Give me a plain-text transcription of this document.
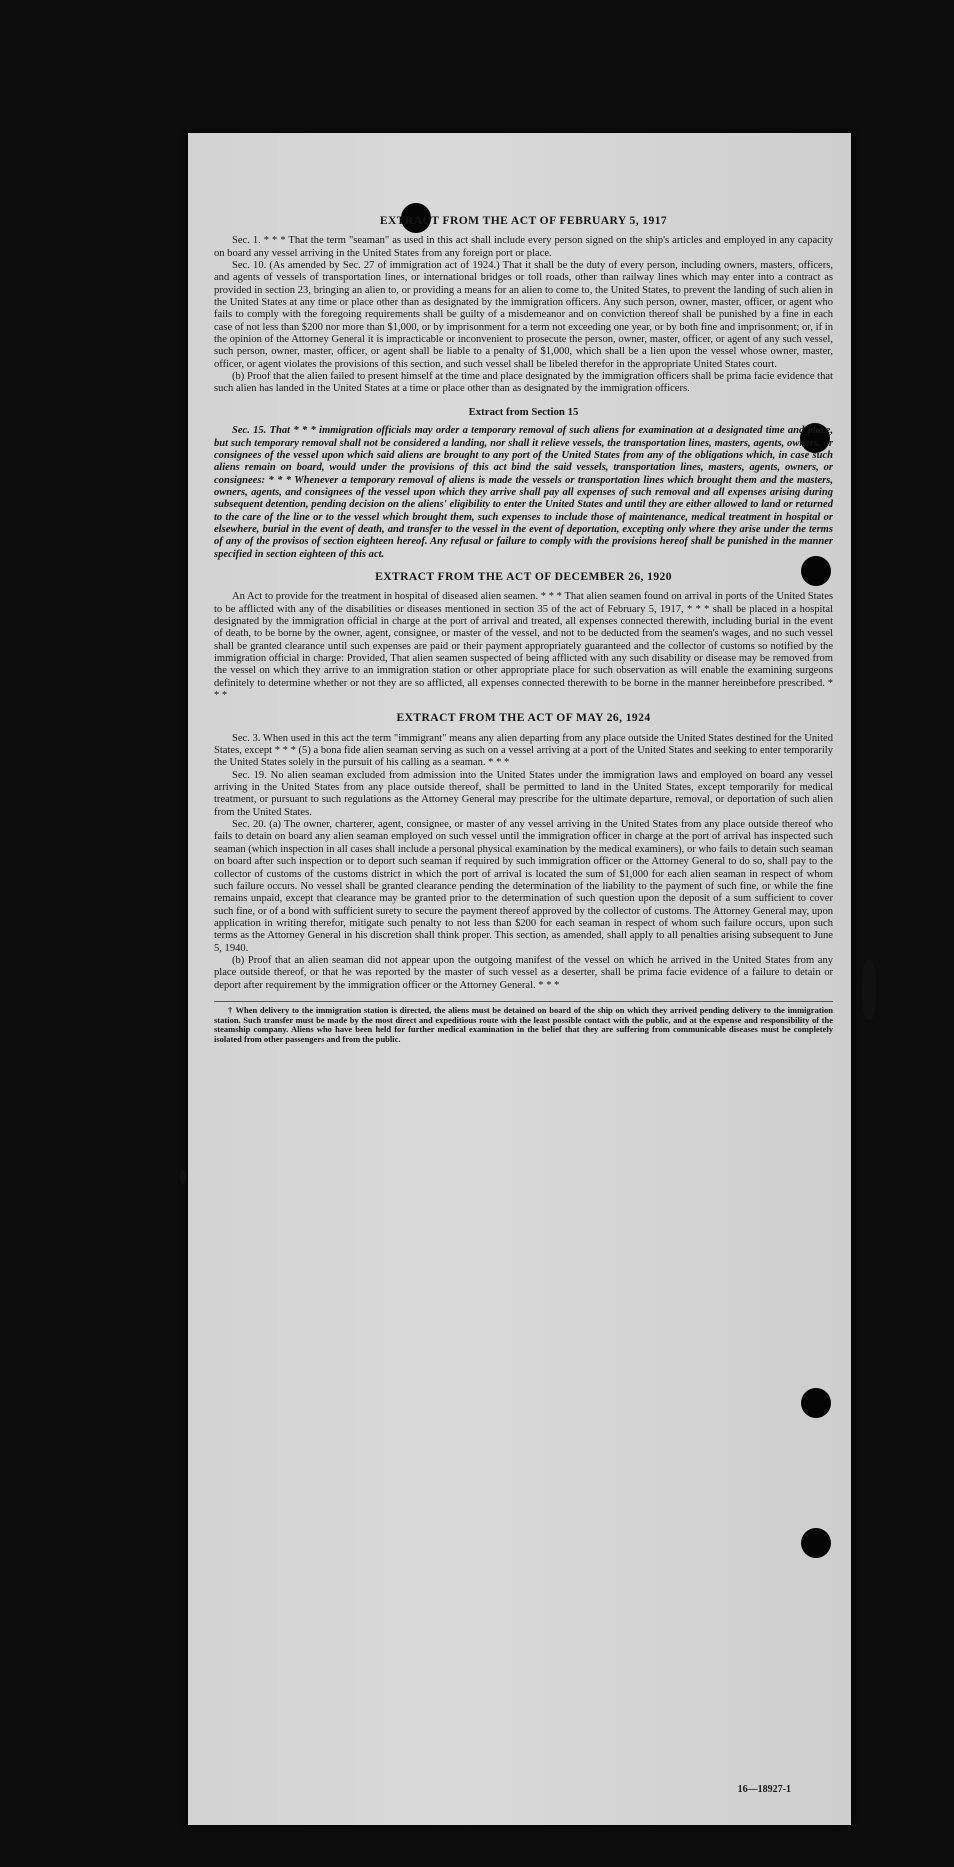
EXTRACT FROM THE ACT OF FEBRUARY 5, 1917

Sec. 1. * * * That the term "seaman" as used in this act shall include every person signed on the ship's articles and employed in any capacity on board any vessel arriving in the United States from any foreign port or place.

Sec. 10. (As amended by Sec. 27 of immigration act of 1924.) That it shall be the duty of every person, including owners, masters, officers, and agents of vessels of transportation lines, or international bridges or toll roads, other than railway lines which may enter into a contract as provided in section 23, bringing an alien to, or providing a means for an alien to come to, the United States, to prevent the landing of such alien in the United States at any time or place other than as designated by the immigration officers. Any such person, owner, master, officer, or agent who fails to comply with the foregoing requirements shall be guilty of a misdemeanor and on conviction thereof shall be punished by a fine in each case of not less than $200 nor more than $1,000, or by imprisonment for a term not exceeding one year, or by both fine and imprisonment; or, if in the opinion of the Attorney General it is impracticable or inconvenient to prosecute the person, owner, master, officer, or agent of any such vessel, such person, owner, master, officer, or agent shall be liable to a penalty of $1,000, which shall be a lien upon the vessel whose owner, master, officer, or agent violates the provisions of this section, and such vessel shall be libeled therefor in the appropriate United States court.

(b) Proof that the alien failed to present himself at the time and place designated by the immigration officers shall be prima facie evidence that such alien has landed in the United States at a time or place other than as designated by the immigration officers.

Extract from Section 15

Sec. 15. That * * * immigration officials may order a temporary removal of such aliens for examination at a designated time and place, but such temporary removal shall not be considered a landing, nor shall it relieve vessels, the transportation lines, masters, agents, owners, or consignees of the vessel upon which said aliens are brought to any port of the United States from any of the obligations which, in case such aliens remain on board, would under the provisions of this act bind the said vessels, transportation lines, masters, agents, owners, or consignees: * * * Whenever a temporary removal of aliens is made the vessels or transportation lines which brought them and the masters, owners, agents, and consignees of the vessel upon which they arrive shall pay all expenses of such removal and all expenses arising during subsequent detention, pending decision on the aliens' eligibility to enter the United States and until they are either allowed to land or returned to the care of the line or to the vessel which brought them, such expenses to include those of maintenance, medical treatment in hospital or elsewhere, burial in the event of death, and transfer to the vessel in the event of deportation, excepting only where they arise under the terms of any of the provisos of section eighteen hereof. Any refusal or failure to comply with the provisions hereof shall be punished in the manner specified in section eighteen of this act.

EXTRACT FROM THE ACT OF DECEMBER 26, 1920

An Act to provide for the treatment in hospital of diseased alien seamen. * * * That alien seamen found on arrival in ports of the United States to be afflicted with any of the disabilities or diseases mentioned in section 35 of the act of February 5, 1917, * * * shall be placed in a hospital designated by the immigration official in charge at the port of arrival and treated, all expenses connected therewith, including burial in the event of death, to be borne by the owner, agent, consignee, or master of the vessel, and not to be deducted from the seamen's wages, and no such vessel shall be granted clearance until such expenses are paid or their payment appropriately guaranteed and the collector of customs so notified by the immigration official in charge: Provided, That alien seamen suspected of being afflicted with any such disability or disease may be removed from the vessel on which they arrive to an immigration station or other appropriate place for such observation as will enable the examining surgeons definitely to determine whether or not they are so afflicted, all expenses connected therewith to be borne in the manner hereinbefore prescribed. * * *

EXTRACT FROM THE ACT OF MAY 26, 1924

Sec. 3. When used in this act the term "immigrant" means any alien departing from any place outside the United States destined for the United States, except * * * (5) a bona fide alien seaman serving as such on a vessel arriving at a port of the United States and seeking to enter temporarily the United States solely in the pursuit of his calling as a seaman. * * *

Sec. 19. No alien seaman excluded from admission into the United States under the immigration laws and employed on board any vessel arriving in the United States from any place outside thereof, shall be permitted to land in the United States, except temporarily for medical treatment, or pursuant to such regulations as the Attorney General may prescribe for the ultimate departure, removal, or deportation of such alien from the United States.

Sec. 20. (a) The owner, charterer, agent, consignee, or master of any vessel arriving in the United States from any place outside thereof who fails to detain on board any alien seaman employed on such vessel until the immigration officer in charge at the port of arrival has inspected such seaman (which inspection in all cases shall include a personal physical examination by the medical examiners), or who fails to detain such seaman on board after such inspection or to deport such seaman if required by such immigration officer or the Attorney General to do so, shall pay to the collector of customs of the customs district in which the port of arrival is located the sum of $1,000 for each alien seaman in respect of whom such failure occurs. No vessel shall be granted clearance pending the determination of the liability to the payment of such fine, or while the fine remains unpaid, except that clearance may be granted prior to the determination of such question upon the deposit of a sum sufficient to cover such fine, or of a bond with sufficient surety to secure the payment thereof approved by the collector of customs. The Attorney General may, upon application in writing therefor, mitigate such penalty to not less than $200 for each seaman in respect of whom such failure occurs, upon such terms as the Attorney General in his discretion shall think proper. This section, as amended, shall apply to all penalties arising subsequent to June 5, 1940.

(b) Proof that an alien seaman did not appear upon the outgoing manifest of the vessel on which he arrived in the United States from any place outside thereof, or that he was reported by the master of such vessel as a deserter, shall be prima facie evidence of a failure to detain or deport after requirement by the immigration officer or the Attorney General. * * *

† When delivery to the immigration station is directed, the aliens must be detained on board of the ship on which they arrived pending delivery to the immigration station. Such transfer must be made by the most direct and expeditious route with the least possible contact with the public, and at the expense and responsibility of the steamship company. Aliens who have been held for further medical examination in the belief that they are suffering from communicable diseases must be completely isolated from other passengers and from the public.

16—18927-1
